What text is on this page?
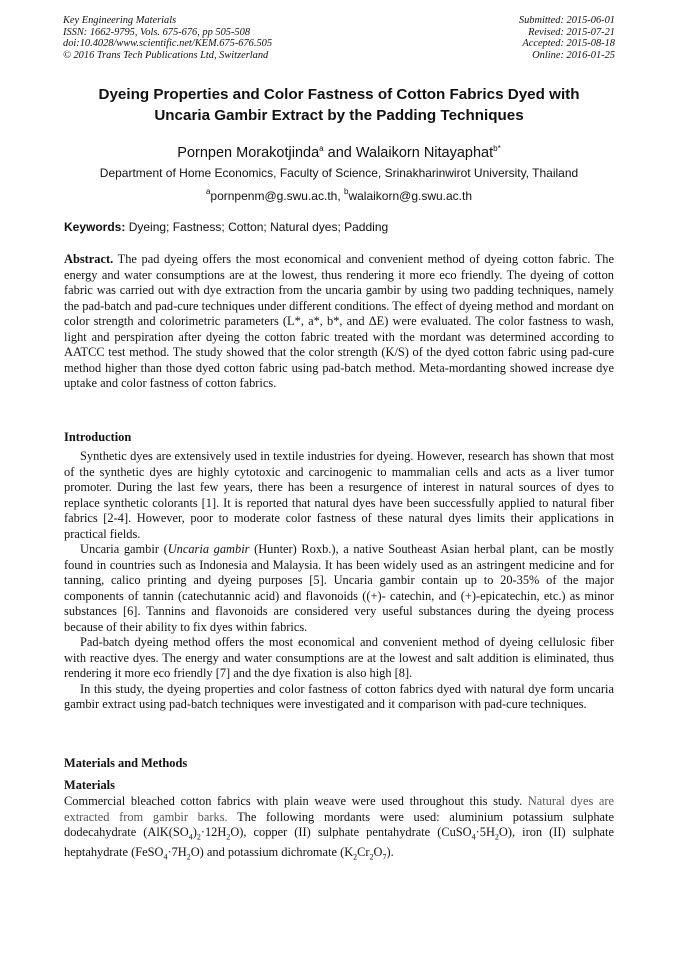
Key Engineering Materials
ISSN: 1662-9795, Vols. 675-676, pp 505-508
doi:10.4028/www.scientific.net/KEM.675-676.505
© 2016 Trans Tech Publications Ltd, Switzerland
Submitted: 2015-06-01
Revised: 2015-07-21
Accepted: 2015-08-18
Online: 2016-01-25
Dyeing Properties and Color Fastness of Cotton Fabrics Dyed with
Uncaria Gambir Extract by the Padding Techniques
Pornpen Morakotjinda$^a$ and Walaikorn Nitayaphat$^{b*}$
Department of Home Economics, Faculty of Science, Srinakharinwirot University, Thailand
$^a$pornpenm@g.swu.ac.th, $^b$walaikorn@g.swu.ac.th
Keywords: Dyeing; Fastness; Cotton; Natural dyes; Padding
Abstract. The pad dyeing offers the most economical and convenient method of dyeing cotton fabric. The energy and water consumptions are at the lowest, thus rendering it more eco friendly. The dyeing of cotton fabric was carried out with dye extraction from the uncaria gambir by using two padding techniques, namely the pad-batch and pad-cure techniques under different conditions. The effect of dyeing method and mordant on color strength and colorimetric parameters (L*, a*, b*, and ΔE) were evaluated. The color fastness to wash, light and perspiration after dyeing the cotton fabric treated with the mordant was determined according to AATCC test method. The study showed that the color strength (K/S) of the dyed cotton fabric using pad-cure method higher than those dyed cotton fabric using pad-batch method. Meta-mordanting showed increase dye uptake and color fastness of cotton fabrics.
Introduction

Synthetic dyes are extensively used in textile industries for dyeing. However, research has shown that most of the synthetic dyes are highly cytotoxic and carcinogenic to mammalian cells and acts as a liver tumor promoter. During the last few years, there has been a resurgence of interest in natural sources of dyes to replace synthetic colorants [1]. It is reported that natural dyes have been successfully applied to natural fiber fabrics [2-4]. However, poor to moderate color fastness of these natural dyes limits their applications in practical fields.

Uncaria gambir (Uncaria gambir (Hunter) Roxb.), a native Southeast Asian herbal plant, can be mostly found in countries such as Indonesia and Malaysia. It has been widely used as an astringent medicine and for tanning, calico printing and dyeing purposes [5]. Uncaria gambir contain up to 20-35% of the major components of tannin (catechutannic acid) and flavonoids ((+)- catechin, and (+)-epicatechin, etc.) as minor substances [6]. Tannins and flavonoids are considered very useful substances during the dyeing process because of their ability to fix dyes within fabrics.

Pad-batch dyeing method offers the most economical and convenient method of dyeing cellulosic fiber with reactive dyes. The energy and water consumptions are at the lowest and salt addition is eliminated, thus rendering it more eco friendly [7] and the dye fixation is also high [8].

In this study, the dyeing properties and color fastness of cotton fabrics dyed with natural dye form uncaria gambir extract using pad-batch techniques were investigated and it comparison with pad-cure techniques.

Materials and Methods
Materials

Commercial bleached cotton fabrics with plain weave were used throughout this study. Natural dyes are extracted from gambir barks. The following mordants were used: aluminium potassium sulphate dodecahydrate $(AlK(SO_4)_2\cdot 12H_2O)$, copper (II) sulphate pentahydrate $(CuSO_4\cdot 5H_2O)$, iron (II) sulphate heptahydrate $(FeSO_4\cdot 7H_2O)$ and potassium dichromate $(K_2Cr_2O_7)$.
